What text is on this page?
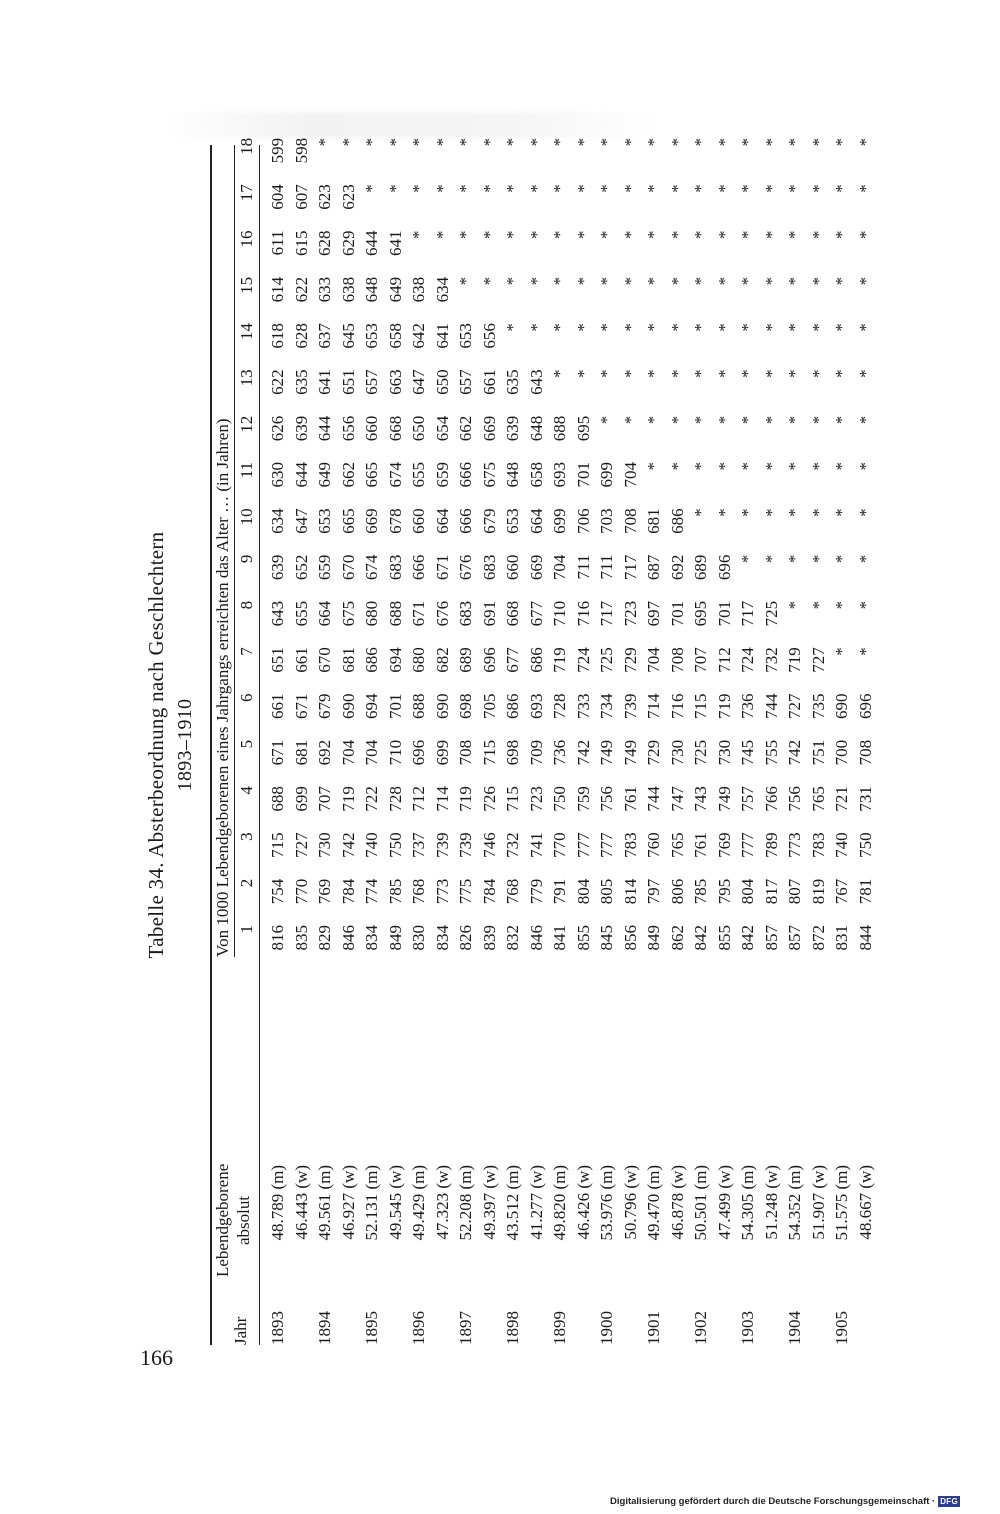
Tabelle 34. Absterbeordnung nach Geschlechtern 1893–1910
Jahr
Lebendgeborene absolut
Von 1000 Lebendgeborenen eines Jahrgangs erreichten das Alter … (in Jahren) 1
2
3
4
5
6
7
8
9
10
11
12
13
14
15
16
17
18
1893
48.789 (m)
816
754
715
688
671
661
651
643
639
634
630
626
622
618
614
611
604
599
46.443 (w)
835
770
727
699
681
671
661
655
652
647
644
639
635
628
622
615
607
598
1894
49.561 (m)
829
769
730
707
692
679
670
664
659
653
649
644
641
637
633
628
623
*
46.927 (w)
846
784
742
719
704
690
681
675
670
665
662
656
651
645
638
629
623
*
1895
52.131 (m)
834
774
740
722
704
694
686
680
674
669
665
660
657
653
648
644
*
*
49.545 (w)
849
785
750
728
710
701
694
688
683
678
674
668
663
658
649
641
*
*
1896
49.429 (m)
830
768
737
712
696
688
680
671
666
660
655
650
647
642
638
*
*
*
47.323 (w)
834
773
739
714
699
690
682
676
671
664
659
654
650
641
634
*
*
*
1897
52.208 (m)
826
775
739
719
708
698
689
683
676
666
666
662
657
653
*
*
*
*
49.397 (w)
839
784
746
726
715
705
696
691
683
679
675
669
661
656
*
*
*
*
1898
43.512 (m)
832
768
732
715
698
686
677
668
660
653
648
639
635
*
*
*
*
*
41.277 (w)
846
779
741
723
709
693
686
677
669
664
658
648
643
*
*
*
*
*
1899
49.820 (m)
841
791
770
750
736
728
719
710
704
699
693
688
*
*
*
*
*
*
46.426 (w)
855
804
777
759
742
733
724
716
711
706
701
695
*
*
*
*
*
*
1900
53.976 (m)
845
805
777
756
749
734
725
717
711
703
699
*
*
*
*
*
*
*
50.796 (w)
856
814
783
761
749
739
729
723
717
708
704
*
*
*
*
*
*
*
1901
49.470 (m)
849
797
760
744
729
714
704
697
687
681
*
*
*
*
*
*
*
*
46.878 (w)
862
806
765
747
730
716
708
701
692
686
*
*
*
*
*
*
*
*
1902
50.501 (m)
842
785
761
743
725
715
707
695
689
*
*
*
*
*
*
*
*
*
47.499 (w)
855
795
769
749
730
719
712
701
696
*
*
*
*
*
*
*
*
*
1903
54.305 (m)
842
804
777
757
745
736
724
717
*
*
*
*
*
*
*
*
*
*
51.248 (w)
857
817
789
766
755
744
732
725
*
*
*
*
*
*
*
*
*
*
1904
54.352 (m)
857
807
773
756
742
727
719
*
*
*
*
*
*
*
*
*
*
*
51.907 (w)
872
819
783
765
751
735
727
*
*
*
*
*
*
*
*
*
*
*
1905
51.575 (m)
831
767
740
721
700
690
*
*
*
*
*
*
*
*
*
*
*
*
48.667 (w)
844
781
750
731
708
696
*
*
*
*
*
*
*
*
*
*
*
*
166
Digitalisierung gefördert durch die Deutsche Forschungsgemeinschaft · DFG
